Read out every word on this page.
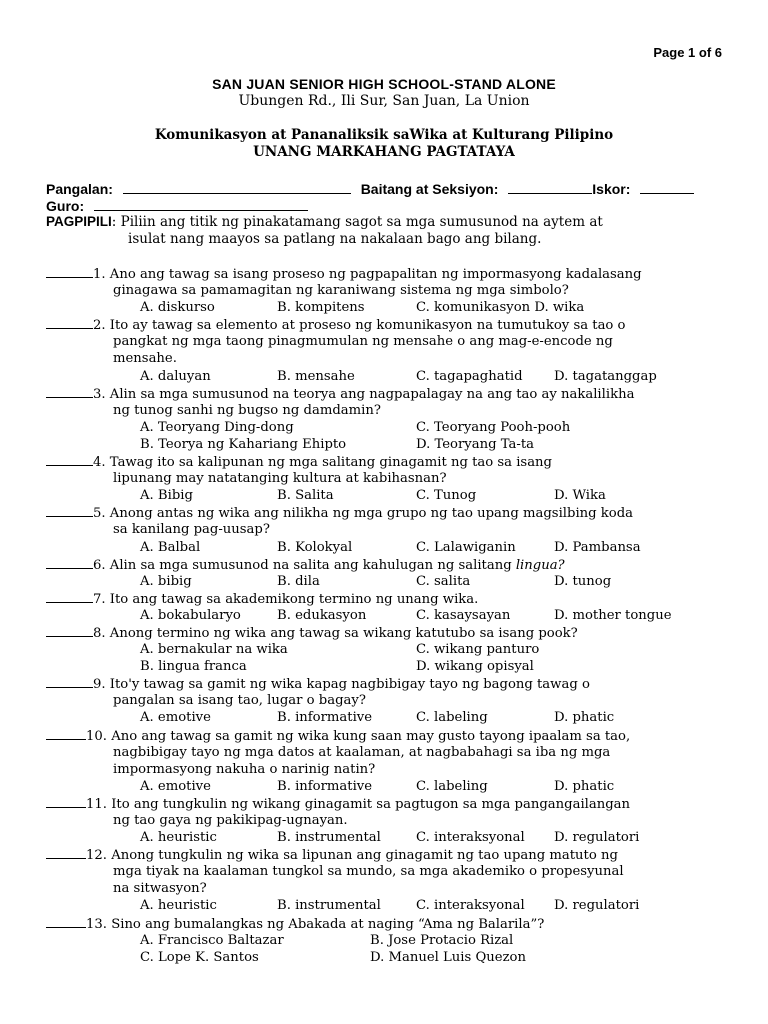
Page 1 of 6
SAN JUAN SENIOR HIGH SCHOOL-STAND ALONE
Ubungen Rd., Ili Sur, San Juan, La Union
Komunikasyon at Pananaliksik saWika at Kulturang Pilipino
UNANG MARKAHANG PAGTATAYA
Pangalan:	Baitang at Seksiyon:	Iskor:
Guro:
PAGPIPILI: Piliin ang titik ng pinakatamang sagot sa mga sumusunod na aytem at
isulat nang maayos sa patlang na nakalaan bago ang bilang.
1. Ano ang tawag sa isang proseso ng pagpapalitan ng impormasyong kadalasang
ginagawa sa pamamagitan ng karaniwang sistema ng mga simbolo?
A. diskurso	B. kompitens	C. komunikasyon D. wika
2. Ito ay tawag sa elemento at proseso ng komunikasyon na tumutukoy sa tao o
pangkat ng mga taong pinagmumulan ng mensahe o ang mag-e-encode ng
mensahe.
A. daluyan	B. mensahe	C. tagapaghatid D. tagatanggap
3. Alin sa mga sumusunod na teorya ang nagpapalagay na ang tao ay nakalilikha
ng tunog sanhi ng bugso ng damdamin?
A. Teoryang Ding-dong	C. Teoryang Pooh-pooh
B. Teorya ng Kahariang Ehipto	D. Teoryang Ta-ta
4. Tawag ito sa kalipunan ng mga salitang ginagamit ng tao sa isang
lipunang may natatanging kultura at kabihasnan?
A. Bibig	B. Salita	C. Tunog	D. Wika
5. Anong antas ng wika ang nilikha ng mga grupo ng tao upang magsilbing koda
sa kanilang pag-uusap?
A. Balbal	B. Kolokyal	C. Lalawiganin	D. Pambansa
6. Alin sa mga sumusunod na salita ang kahulugan ng salitang lingua?
A. bibig	B. dila	C. salita	D. tunog
7. Ito ang tawag sa akademikong termino ng unang wika.
A. bokabularyo	B. edukasyon	C. kasaysayan	D. mother tongue
8. Anong termino ng wika ang tawag sa wikang katutubo sa isang pook?
A. bernakular na wika	C. wikang panturo
B. lingua franca	D. wikang opisyal
9. Ito'y tawag sa gamit ng wika kapag nagbibigay tayo ng bagong tawag o
pangalan sa isang tao, lugar o bagay?
A. emotive	B. informative	C. labeling	D. phatic
10. Ano ang tawag sa gamit ng wika kung saan may gusto tayong ipaalam sa tao,
nagbibigay tayo ng mga datos at kaalaman, at nagbabahagi sa iba ng mga
impormasyong nakuha o narinig natin?
A. emotive	B. informative	C. labeling	D. phatic
11. Ito ang tungkulin ng wikang ginagamit sa pagtugon sa mga pangangailangan
ng tao gaya ng pakikipag-ugnayan.
A. heuristic	B. instrumental	C. interaksyonal D. regulatori
12. Anong tungkulin ng wika sa lipunan ang ginagamit ng tao upang matuto ng
mga tiyak na kaalaman tungkol sa mundo, sa mga akademiko o propesyunal
na sitwasyon?
A. heuristic	B. instrumental	C. interaksyonal D. regulatori
13. Sino ang bumalangkas ng Abakada at naging “Ama ng Balarila”?
A. Francisco Baltazar	B. Jose Protacio Rizal
C. Lope K. Santos	D. Manuel Luis Quezon
